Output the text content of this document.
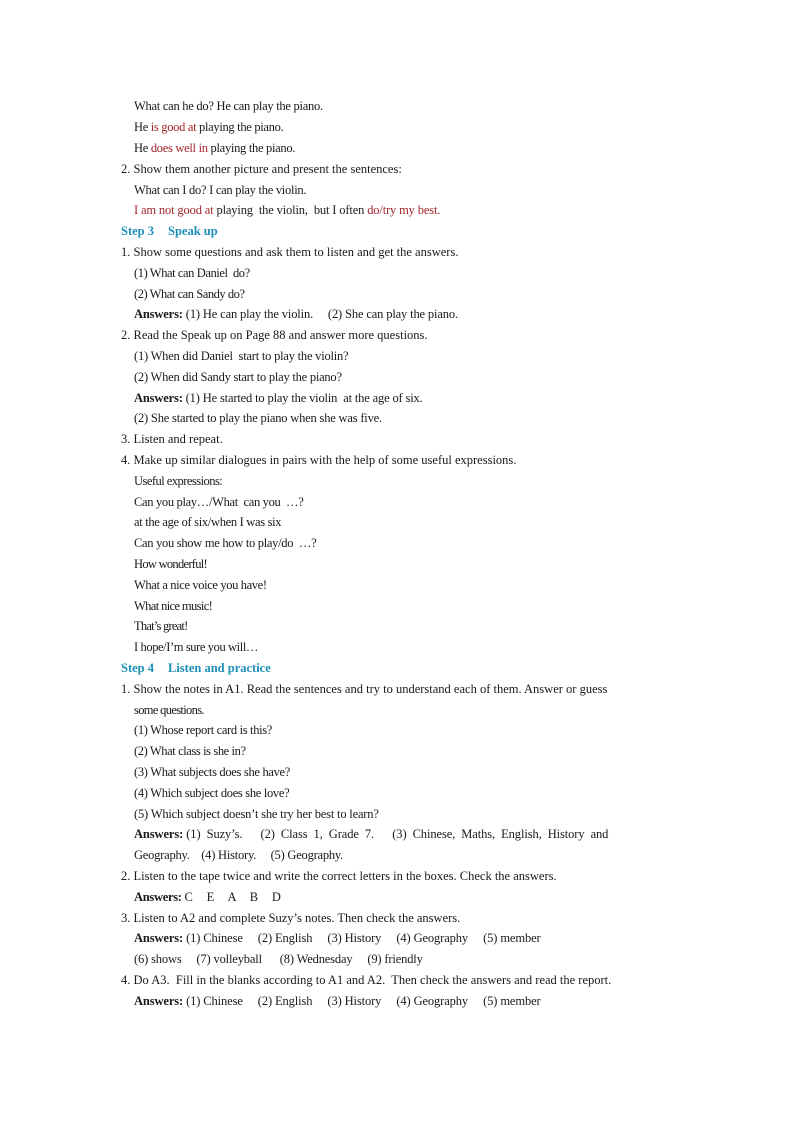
What can he do? He can play the piano.
He is good at playing the piano.
He does well in playing the piano.
2. Show them another picture and present the sentences:
What can I do? I can play the violin.
I am not good at playing  the violin,  but I often do/try my best.
Step 3 Speak up
1. Show some questions and ask them to listen and get the answers.
(1) What can Daniel  do?
(2) What can Sandy do?
Answers: (1) He can play the violin.     (2) She can play the piano.
2. Read the Speak up on Page 88 and answer more questions.
(1) When did Daniel  start to play the violin?
(2) When did Sandy start to play the piano?
Answers: (1) He started to play the violin  at the age of six.
(2) She started to play the piano when she was five.
3. Listen and repeat.
4. Make up similar dialogues in pairs with the help of some useful expressions.
Useful expressions:
Can you play…/What  can you  …?
at the age of six/when I was six
Can you show me how to play/do  …?
How wonderful!
What a nice voice you have!
What nice music!
That’s great!
I hope/I’m sure you will…
Step 4 Listen and practice
1. Show the notes in A1. Read the sentences and try to understand each of them. Answer or guess
some questions.
(1) Whose report card is this?
(2) What class is she in?
(3) What subjects does she have?
(4) Which subject does she love?
(5) Which subject doesn’t she try her best to learn?
Answers: (1)  Suzy’s.      (2)  Class  1,  Grade  7.      (3)  Chinese,  Maths,  English,  History  and
Geography.    (4) History.     (5) Geography.
2. Listen to the tape twice and write the correct letters in the boxes. Check the answers.
Answers: C     E     A     B     D
3. Listen to A2 and complete Suzy’s notes. Then check the answers.
Answers: (1) Chinese     (2) English     (3) History     (4) Geography     (5) member
(6) shows     (7) volleyball      (8) Wednesday     (9) friendly
4. Do A3.  Fill in the blanks according to A1 and A2.  Then check the answers and read the report.
Answers: (1) Chinese     (2) English     (3) History     (4) Geography     (5) member
